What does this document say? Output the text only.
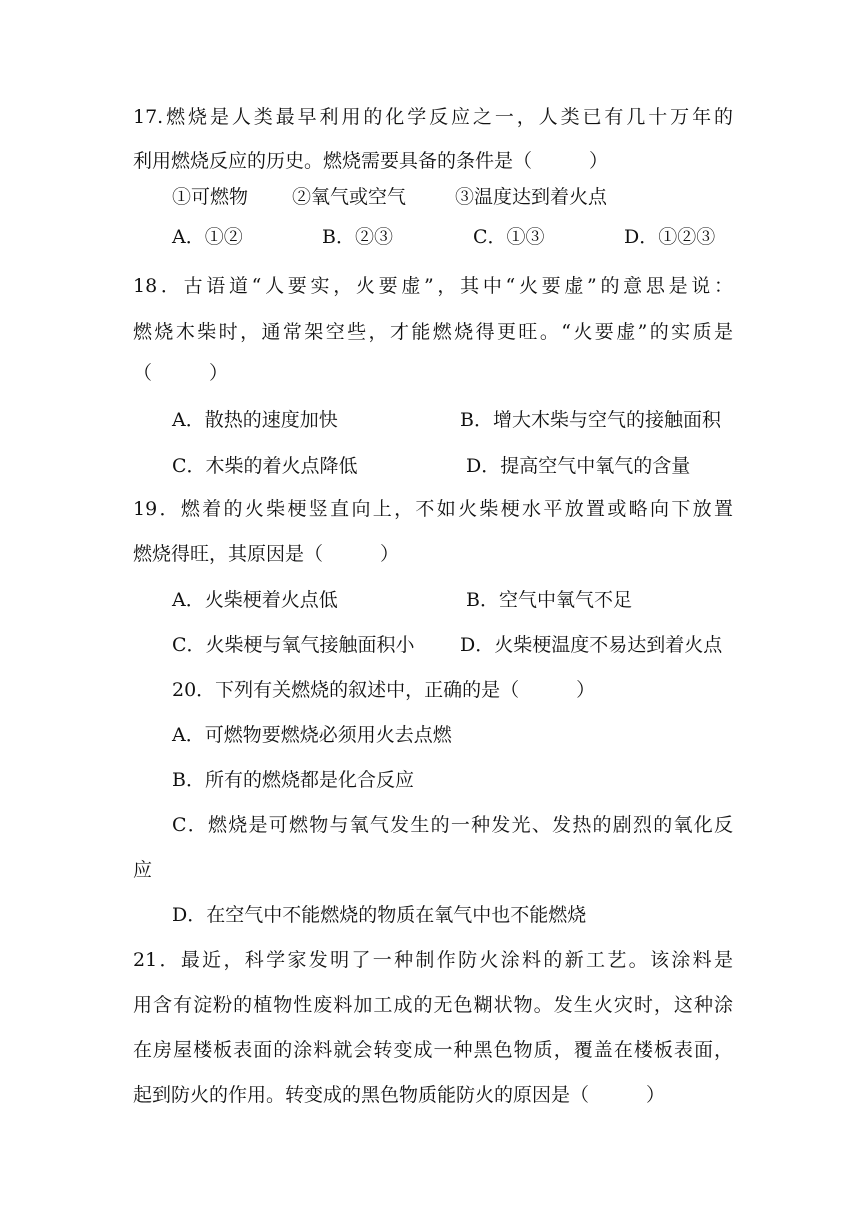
17.燃烧是人类最早利用的化学反应之一，人类已有几十万年的
利用燃烧反应的历史。燃烧需要具备的条件是（　　　）
①可燃物 ②氧气或空气	③温度达到着火点
A．①②	B．②③	C．①③	D．①②③
18．古语道“人要实，火要虚”，其中“火要虚”的意思是说：
燃烧木柴时，通常架空些，才能燃烧得更旺。“火要虚”的实质是
（　　　）
A．散热的速度加快	B．增大木柴与空气的接触面积
C．木柴的着火点降低	D．提高空气中氧气的含量
19．燃着的火柴梗竖直向上，不如火柴梗水平放置或略向下放置
燃烧得旺，其原因是（　　　）
A．火柴梗着火点低	B．空气中氧气不足
C．火柴梗与氧气接触面积小 D．火柴梗温度不易达到着火点
20．下列有关燃烧的叙述中，正确的是（　　　）
A．可燃物要燃烧必须用火去点燃
B．所有的燃烧都是化合反应
C．燃烧是可燃物与氧气发生的一种发光、发热的剧烈的氧化反
应
D．在空气中不能燃烧的物质在氧气中也不能燃烧
21．最近，科学家发明了一种制作防火涂料的新工艺。该涂料是
用含有淀粉的植物性废料加工成的无色糊状物。发生火灾时，这种涂
在房屋楼板表面的涂料就会转变成一种黑色物质，覆盖在楼板表面，
起到防火的作用。转变成的黑色物质能防火的原因是（　　　）
